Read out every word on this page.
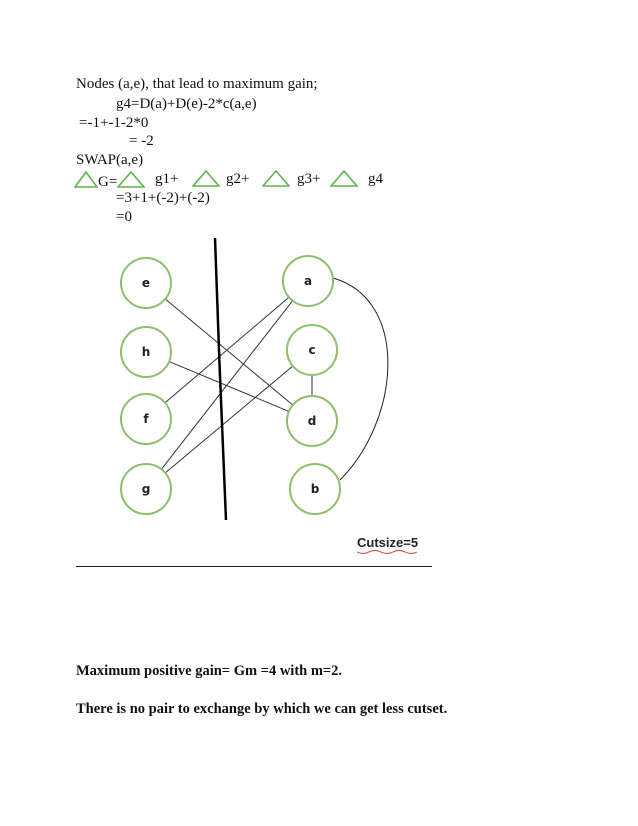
Nodes (a,e), that lead to maximum gain;
g4=D(a)+D(e)-2*c(a,e)
=-1+-1-2*0
= -2
SWAP(a,e)
G=	g1+	g2+	g3+	g4
=3+1+(-2)+(-2)
=0
e
h
f
g
a
c
d
b
Cutsize=5
Maximum positive gain= Gm =4 with m=2.
There is no pair to exchange by which we can get less cutset.
